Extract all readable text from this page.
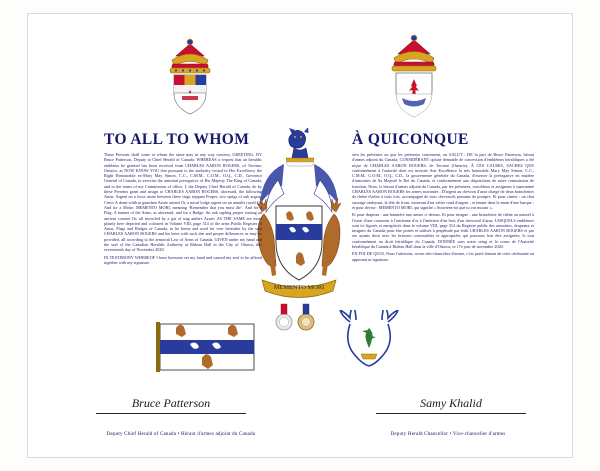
TO ALL TO WHOM	À QUICONQUE
MEMENTO MORI

These Presents shall come or whom the same may in any way concern, GREETING: BY Bruce Patterson, Deputy to Chief Herald of Canada: WHEREAS a request that an heraldic emblems be granted has been received from CHARLES AARON ROGERS, of Toronto, Ontario, as NOW KNOW YOU that pursuant to the authority vested in Her Excellency the Right Honourable ex-Mary May Simon, C.C., C.M.M., C.O.M., O.Q., C.D., Governor General of Canada, to exercise the armorial prerogative of His Majesty The King of Canada, and to the terms of my Commission of office, I, the Deputy Chief Herald of Canada, do by these Presents grant and assign to CHARLES AARON ROGERS, aforesaid, the following Arms: Argent on a fesse azure between three stags trippant Proper, two sprigs of oak argent. Crest: A demi-wildcat guardant Azure armed Or, a naval lodge argent on an annulet rayed Or. And for a Motto: MEMENTO MORI, meaning ‘Remember that you must die’. And for a Flag: A banner of the Arms, as aforesaid, and for a Badge: An oak sapling proper issuing an ancient coronet Or, all encircled by a gat of stag antlers Azure; AS THE SAME are more plainly here depicted and coloured in Volume VIII, page 314 of the arms Public Register of Arms, Flags and Badges of Canada, to be borne and used for ever hereafter by the said CHARLES AARON ROGERS and his heirs with such due and proper differences as may be provided, all according to the armorial Law of Arms of Canada, GIVEN under my hand and the seal of the Canadian Heraldic Authority at Rideau Hall in the City of Ottawa, this seventeenth day of November 2020.

IN TESTIMONY WHEREOF I have hereunto set my hand and caused my seal to be affixed together with my signature.

sera les présentes ou que les présentes concernent, ou SALUT : DE la part de Bruce Patterson, héraut d'armes adjoint du Canada; CONSIDÉRANT qu'une demande de concession d'emblèmes héraldiques a été reçue de CHARLES AARON ROGERS, de Toronto (Ontario), À CES CAUSES, SACHEZ QUE conformément à l'autorité dont est investie Son Excellence la très honorable Mary May Simon, C.C., C.M.M., C.O.M., O.Q., C.D., la gouverneure générale du Canada, d'exercer la prérogative en matière d'armoiries de Sa Majesté le Roi du Canada, et conformément aux dispositions de notre commission de fonction, Nous, le héraut d'armes adjoint du Canada, par les présentes, concédons et assignons à susnommé CHARLES AARON ROGERS les armes suivantes : D'argent au chevron d'azur chargé de deux branchettes de chêne d'arbre à trois fois, accompagné de trois chevreuils passants de pourpre. Et pour cimier : un chat sauvage ondoyant, la tête de front, mouvant d'un valise rond d'argent ; et tenant dans la main d'une barque ; et pour devise : MEMENTO MORI, qui signifie « Souviens-toi que tu vas mourir ».

Et pour drapeau : une bannière aux armes ci-dessus. Et pour insigne : une branchette de chêne au naturel à l'issue d'une couronne à l'ancienne d'or à l'intérieur d'un bois d'un chevreuil d'azur; LESQUELS emblèmes sont ici figurés et enregistrés dans le volume VIII, page 314 du Registre public des armoiries, drapeaux et insignes du Canada pour être portés et utilisés à perpétuité par ledit CHARLES AARON ROGERS et par ses ayants droit avec les brisures convenables et appropriées qui pourront leur être assignées, le tout conformément au droit héraldique du Canada. DONNÉE sous notre seing et le sceau de l'Autorité héraldique du Canada à Rideau Hall dans la ville d'Ottawa, ce 17e jour de novembre 2020.

EN FOI DE QUOI, Nous l'attestons, avons très-chancelier d'armes, c'est porté témoin de cette cérémonie en apposant sa signature.

Bruce Patterson	Samy Khalid
Deputy Chief Herald of Canada • Héraut d'armes adjoint du Canada	Deputy Herald Chancellor • Vice-chancelier d'armes
